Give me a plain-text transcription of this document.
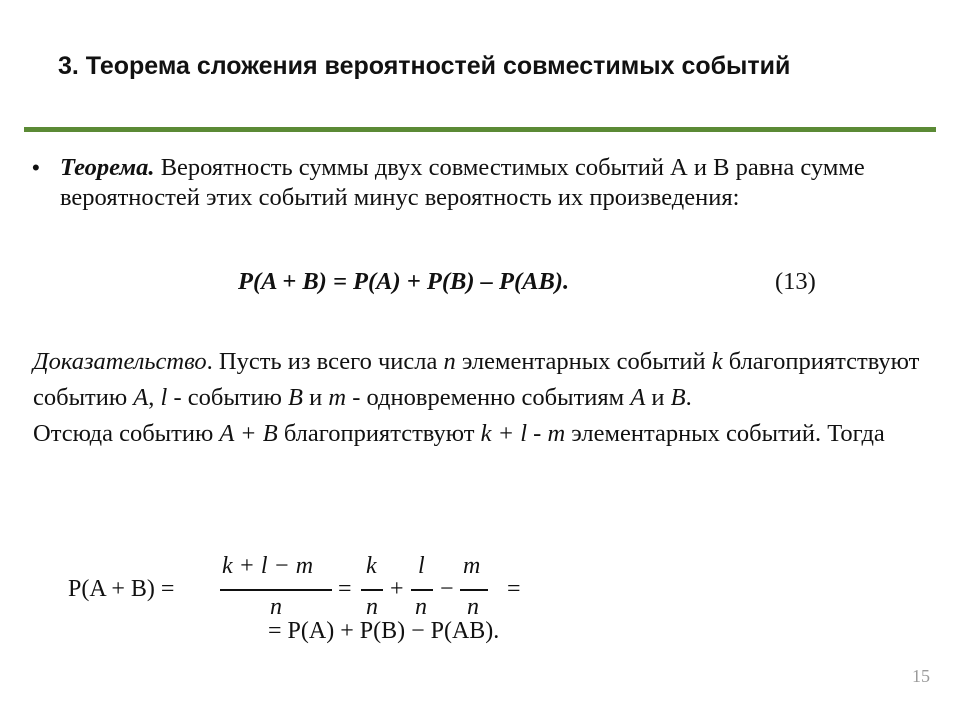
3. Теорема сложения вероятностей совместимых событий
• Теорема. Вероятность суммы двух совместимых событий А и В равна сумме вероятностей этих событий минус вероятность их произведения:
P(A + B) = P(A) + P(B) – P(AB).	(13)

Доказательство. Пусть из всего числа n элементарных событий k благоприятствуют событию A, l - событию B и m - одновременно событиям A и B.

Отсюда событию A + B благоприятствуют k + l - m элементарных событий. Тогда

P(A + B) =
k + l − m
n
=
k
n
+
l
n
−
m
n
=
= P(A) + P(B) − P(AB).
15
